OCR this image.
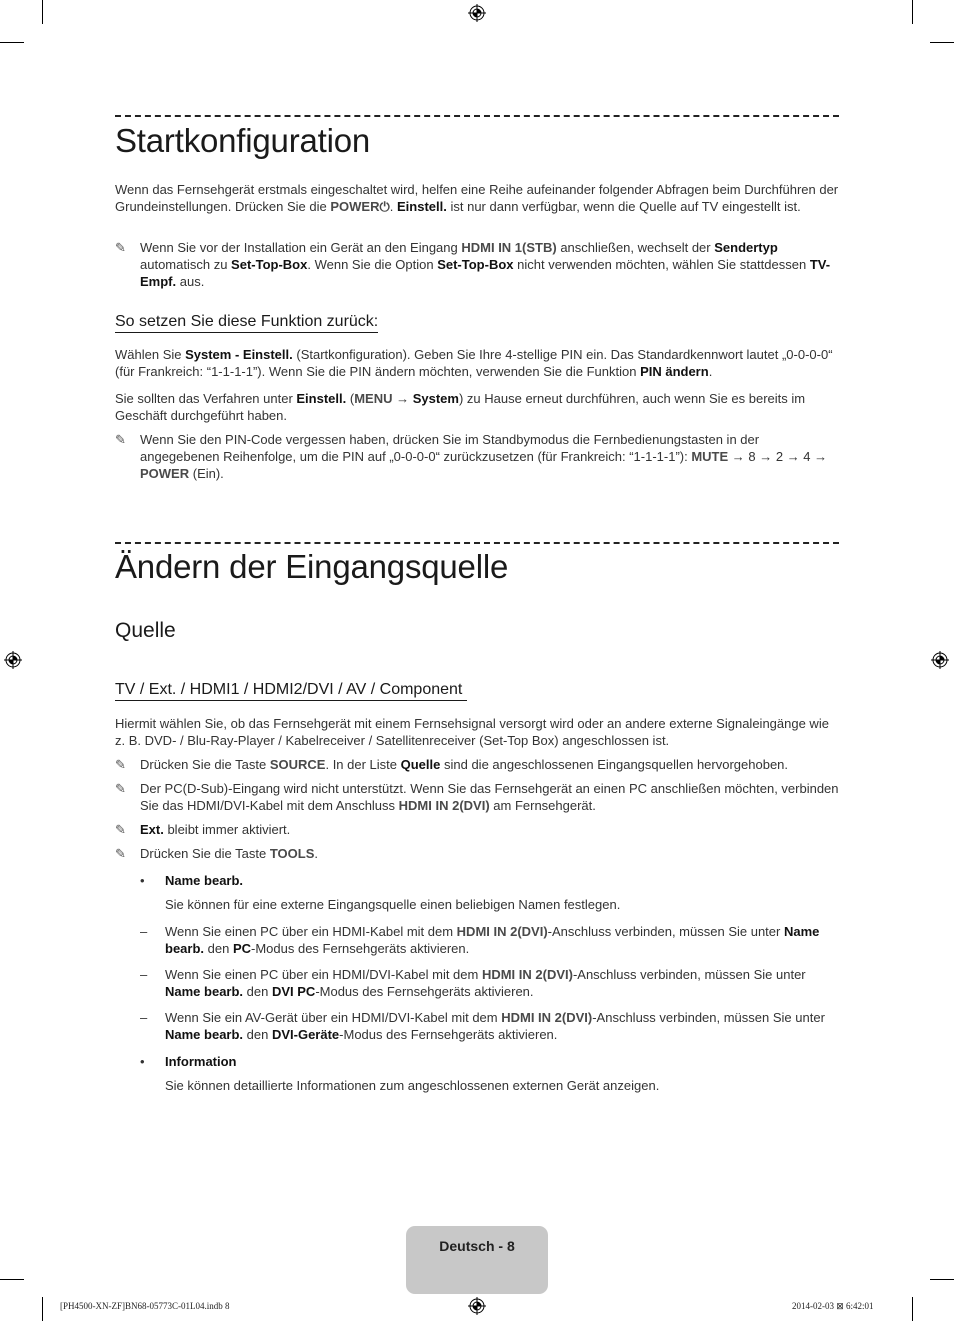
Startkonfiguration
Wenn das Fernsehgerät erstmals eingeschaltet wird, helfen eine Reihe aufeinander folgender Abfragen beim Durchführen der Grundeinstellungen. Drücken Sie die POWER⏻. Einstell. ist nur dann verfügbar, wenn die Quelle auf TV eingestellt ist.
✎	Wenn Sie vor der Installation ein Gerät an den Eingang HDMI IN 1(STB) anschließen, wechselt der Sendertyp automatisch zu Set-Top-Box. Wenn Sie die Option Set-Top-Box nicht verwenden möchten, wählen Sie stattdessen TV-Empf. aus.
So setzen Sie diese Funktion zurück:
Wählen Sie System - Einstell. (Startkonfiguration). Geben Sie Ihre 4-stellige PIN ein. Das Standardkennwort lautet „0-0-0-0“ (für Frankreich: “1-1-1-1”). Wenn Sie die PIN ändern möchten, verwenden Sie die Funktion PIN ändern.
Sie sollten das Verfahren unter Einstell. (MENU → System) zu Hause erneut durchführen, auch wenn Sie es bereits im Geschäft durchgeführt haben.
✎	Wenn Sie den PIN-Code vergessen haben, drücken Sie im Standbymodus die Fernbedienungstasten in der angegebenen Reihenfolge, um die PIN auf „0-0-0-0“ zurückzusetzen (für Frankreich: “1-1-1-1”): MUTE → 8 → 2 → 4 → POWER (Ein).
Ändern der Eingangsquelle
Quelle
TV / Ext. / HDMI1 / HDMI2/DVI / AV / Component
Hiermit wählen Sie, ob das Fernsehgerät mit einem Fernsehsignal versorgt wird oder an andere externe Signaleingänge wie z. B. DVD- / Blu-Ray-Player / Kabelreceiver / Satellitenreceiver (Set-Top Box) angeschlossen ist.
✎	Drücken Sie die Taste SOURCE. In der Liste Quelle sind die angeschlossenen Eingangsquellen hervorgehoben.
✎	Der PC(D-Sub)-Eingang wird nicht unterstützt. Wenn Sie das Fernsehgerät an einen PC anschließen möchten, verbinden Sie das HDMI/DVI-Kabel mit dem Anschluss HDMI IN 2(DVI) am Fernsehgerät.
✎	Ext. bleibt immer aktiviert.
✎	Drücken Sie die Taste TOOLS.
• Name bearb.
Sie können für eine externe Eingangsquelle einen beliebigen Namen festlegen.
– Wenn Sie einen PC über ein HDMI-Kabel mit dem HDMI IN 2(DVI)-Anschluss verbinden, müssen Sie unter Name bearb. den PC-Modus des Fernsehgeräts aktivieren.
– Wenn Sie einen PC über ein HDMI/DVI-Kabel mit dem HDMI IN 2(DVI)-Anschluss verbinden, müssen Sie unter Name bearb. den DVI PC-Modus des Fernsehgeräts aktivieren.
– Wenn Sie ein AV-Gerät über ein HDMI/DVI-Kabel mit dem HDMI IN 2(DVI)-Anschluss verbinden, müssen Sie unter Name bearb. den DVI-Geräte-Modus des Fernsehgeräts aktivieren.
• Information
Sie können detaillierte Informationen zum angeschlossenen externen Gerät anzeigen.
Deutsch - 8
[PH4500-XN-ZF]BN68-05773C-01L04.indb 8	2014-02-03 ⊠ 6:42:01
